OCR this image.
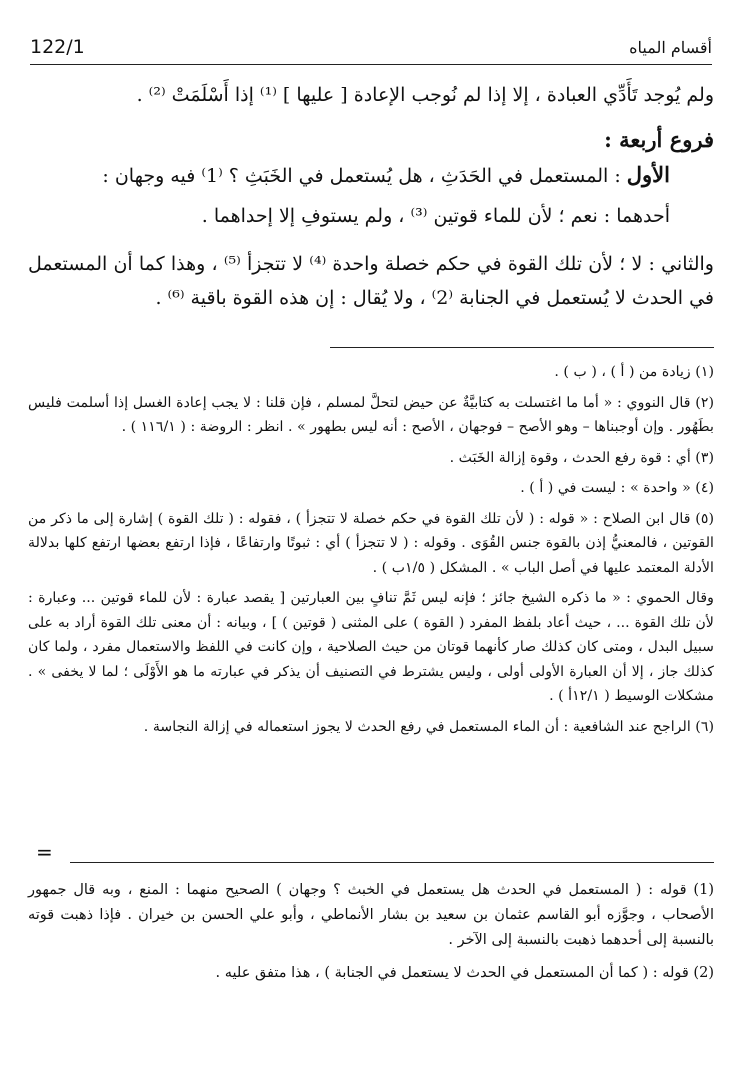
122/1	أقسام المياه

ولم يُوجد تَأَدِّي العبادة ، إلا إذا لم نُوجب الإعادة [ عليها ] ⁽¹⁾ إذا أَسْلَمَتْ ⁽²⁾ .

فروع أربعة :

الأول : المستعمل في الحَدَثِ ، هل يُستعمل في الخَبَثِ ؟ ⁽1⁾ فيه وجهان :

أحدهما : نعم ؛ لأن للماء قوتين ⁽³⁾ ، ولم يستوفِ إلا إحداهما .

والثاني : لا ؛ لأن تلك القوة في حكم خصلة واحدة ⁽⁴⁾ لا تتجزأ ⁽⁵⁾ ، وهذا كما أن المستعمل في الحدث لا يُستعمل في الجنابة ⁽2⁾ ، ولا يُقال : إن هذه القوة باقية ⁽⁶⁾ .

(١) زيادة من ( أ ) ، ( ب ) .

(٢) قال النووي : « أما ما اغتسلت به كتابيَّةٌ عن حيض لتحلَّ لمسلم ، فإن قلنا : لا يجب إعادة الغسل إذا أسلمت فليس بطَهُور . وإن أوجبناها – وهو الأصح – فوجهان ، الأصح : أنه ليس بطهور » . انظر : الروضة : ( ١١٦/١ ) .

(٣) أي : قوة رفع الحدث ، وقوة إزالة الخَبَث .

(٤) « واحدة » : ليست في ( أ ) .

(٥) قال ابن الصلاح : « قوله : ( لأن تلك القوة في حكم خصلة لا تتجزأ ) ، فقوله : ( تلك القوة ) إشارة إلى ما ذكر من القوتين ، فالمعنيُّ إذن بالقوة جنس القُوَى . وقوله : ( لا تتجزأ ) أي : ثبوتًا وارتفاعًا ، فإذا ارتفع بعضها ارتفع كلها بدلالة الأدلة المعتمد عليها في أصل الباب » . المشكل ( ١/٥ب ) .

وقال الحموي : « ما ذكره الشيخ جائز ؛ فإنه ليس ثَمَّ تنافٍ بين العبارتين [ يقصد عبارة : لأن للماء قوتين ... وعبارة : لأن تلك القوة ... ، حيث أعاد بلفظ المفرد ( القوة ) على المثنى ( قوتين ) ] ، وبيانه : أن معنى تلك القوة أراد به على سبيل البدل ، ومتى كان كذلك صار كأنهما قوتان من حيث الصلاحية ، وإن كانت في اللفظ والاستعمال مفرد ، ولما كان كذلك جاز ، إلا أن العبارة الأولى أولى ، وليس يشترط في التصنيف أن يذكر في عبارته ما هو الأَوْلَى ؛ لما لا يخفى » . مشكلات الوسيط ( ١٢/١أ ) .

(٦) الراجح عند الشافعية : أن الماء المستعمل في رفع الحدث لا يجوز استعماله في إزالة النجاسة .

=

(1) قوله : ( المستعمل في الحدث هل يستعمل في الخبث ؟ وجهان ) الصحيح منهما : المنع ، وبه قال جمهور الأصحاب ، وجوَّزه أبو القاسم عثمان بن سعيد بن بشار الأنماطي ، وأبو علي الحسن بن خيران . فإذا ذهبت قوته بالنسبة إلى أحدهما ذهبت بالنسبة إلى الآخر .

(2) قوله : ( كما أن المستعمل في الحدث لا يستعمل في الجنابة ) ، هذا متفق عليه .
